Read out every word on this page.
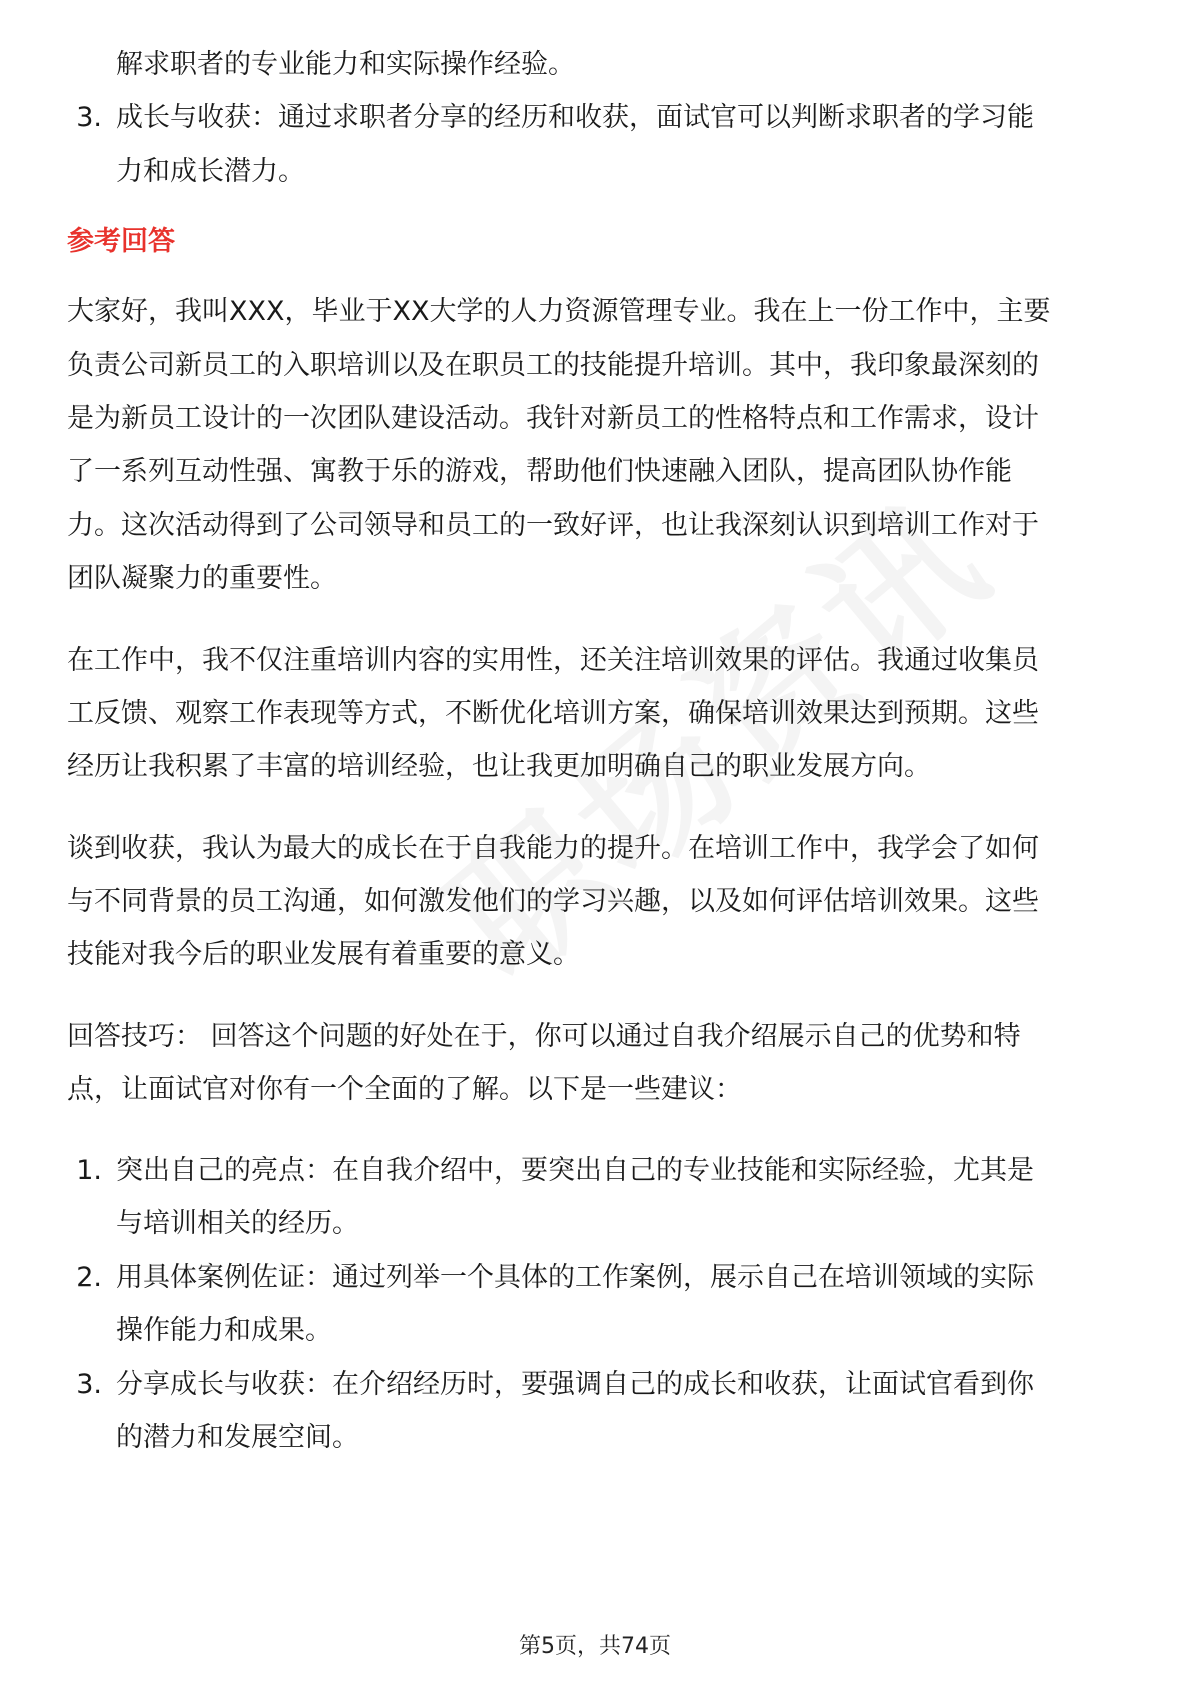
解求职者的专业能力和实际操作经验。
3. 成长与收获：通过求职者分享的经历和收获，面试官可以判断求职者的学习能
力和成长潜力。
参考回答
大家好，我叫XXX，毕业于XX大学的人力资源管理专业。我在上一份工作中，主要
负责公司新员工的入职培训以及在职员工的技能提升培训。其中，我印象最深刻的
是为新员工设计的一次团队建设活动。我针对新员工的性格特点和工作需求，设计
了一系列互动性强、寓教于乐的游戏，帮助他们快速融入团队，提高团队协作能
力。这次活动得到了公司领导和员工的一致好评，也让我深刻认识到培训工作对于
团队凝聚力的重要性。
在工作中，我不仅注重培训内容的实用性，还关注培训效果的评估。我通过收集员
工反馈、观察工作表现等方式，不断优化培训方案，确保培训效果达到预期。这些
经历让我积累了丰富的培训经验，也让我更加明确自己的职业发展方向。
谈到收获，我认为最大的成长在于自我能力的提升。在培训工作中，我学会了如何
与不同背景的员工沟通，如何激发他们的学习兴趣，以及如何评估培训效果。这些
技能对我今后的职业发展有着重要的意义。
回答技巧： 回答这个问题的好处在于，你可以通过自我介绍展示自己的优势和特
点，让面试官对你有一个全面的了解。以下是一些建议：
1. 突出自己的亮点：在自我介绍中，要突出自己的专业技能和实际经验，尤其是
与培训相关的经历。
2. 用具体案例佐证：通过列举一个具体的工作案例，展示自己在培训领域的实际
操作能力和成果。
3. 分享成长与收获：在介绍经历时，要强调自己的成长和收获，让面试官看到你
的潜力和发展空间。
第5页，共74页
